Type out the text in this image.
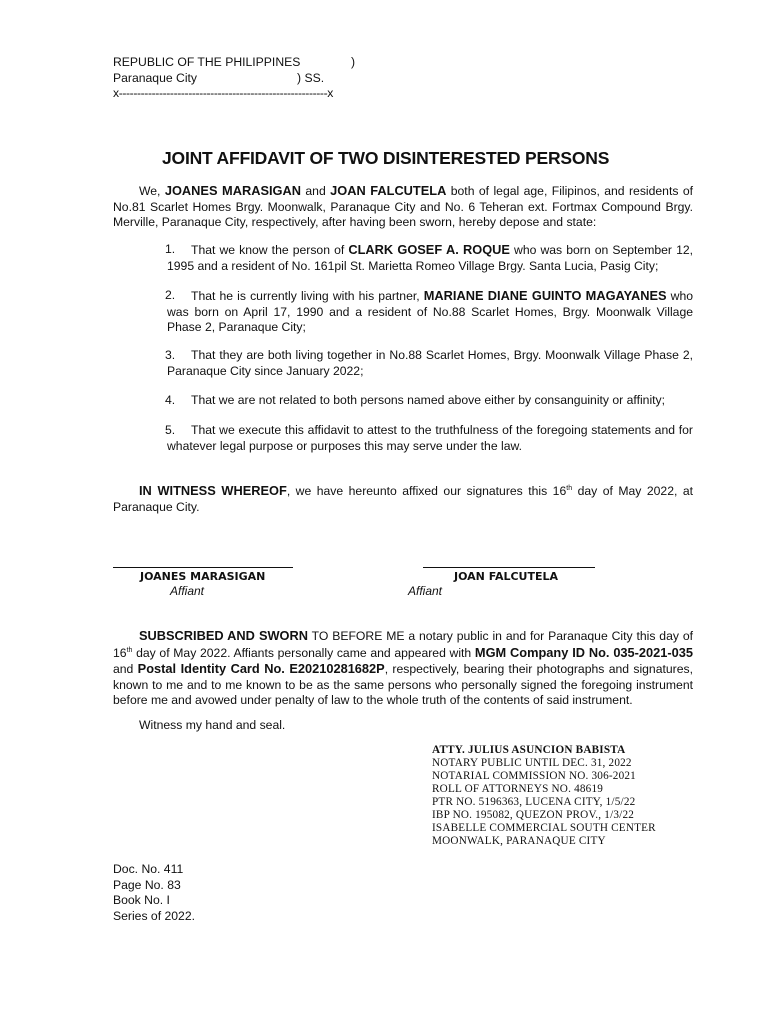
REPUBLIC OF THE PHILIPPINES	)
Paranaque City	) SS.
x---------------------------------------------------------x
JOINT AFFIDAVIT OF TWO DISINTERESTED PERSONS
We, JOANES MARASIGAN and JOAN FALCUTELA both of legal age, Filipinos, and residents of No.81 Scarlet Homes Brgy. Moonwalk, Paranaque City and No. 6 Teheran ext. Fortmax Compound Brgy. Merville, Paranaque City, respectively, after having been sworn, hereby depose and state:
1.	That we know the person of CLARK GOSEF A. ROQUE who was born on September 12, 1995 and a resident of No. 161pil St. Marietta Romeo Village Brgy. Santa Lucia, Pasig City;
2.	That he is currently living with his partner, MARIANE DIANE GUINTO MAGAYANES who was born on April 17, 1990 and a resident of No.88 Scarlet Homes, Brgy. Moonwalk Village Phase 2, Paranaque City;
3.	That they are both living together in No.88 Scarlet Homes, Brgy. Moonwalk Village Phase 2, Paranaque City since January 2022;
4.	That we are not related to both persons named above either by consanguinity or affinity;
5.	That we execute this affidavit to attest to the truthfulness of the foregoing statements and for whatever legal purpose or purposes this may serve under the law.
IN WITNESS WHEREOF, we have hereunto affixed our signatures this 16th day of May 2022, at Paranaque City.
JOANES MARASIGAN
Affiant
JOAN FALCUTELA
Affiant
SUBSCRIBED AND SWORN TO BEFORE ME a notary public in and for Paranaque City this day of 16th day of May 2022. Affiants personally came and appeared with MGM Company ID No. 035-2021-035 and Postal Identity Card No. E20210281682P, respectively, bearing their photographs and signatures, known to me and to me known to be as the same persons who personally signed the foregoing instrument before me and avowed under penalty of law to the whole truth of the contents of said instrument.
Witness my hand and seal.
ATTY. JULIUS ASUNCION BABISTA
NOTARY PUBLIC UNTIL DEC. 31, 2022
NOTARIAL COMMISSION NO. 306-2021
ROLL OF ATTORNEYS NO. 48619
PTR NO. 5196363, LUCENA CITY, 1/5/22
IBP NO. 195082, QUEZON PROV., 1/3/22
ISABELLE COMMERCIAL SOUTH CENTER
MOONWALK, PARANAQUE CITY
Doc. No. 411
Page No. 83
Book No. I
Series of 2022.
